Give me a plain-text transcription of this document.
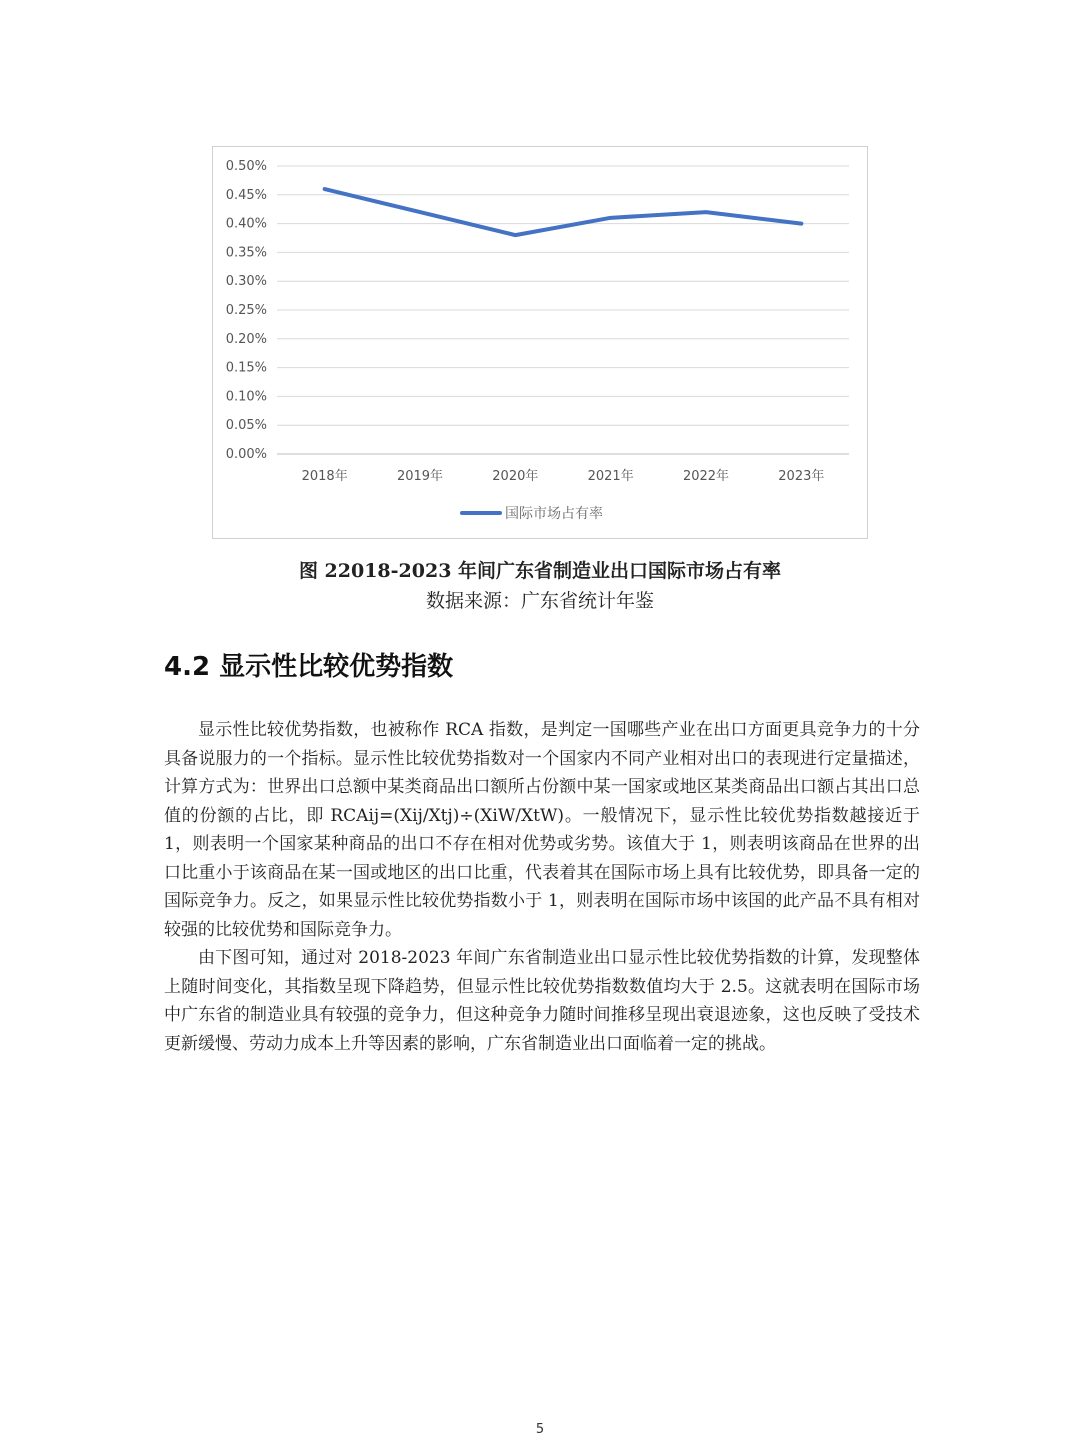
0.00%
0.05%
0.10%
0.15%
0.20%
0.25%
0.30%
0.35%
0.40%
0.45%
0.50%
2018年	2019年	2020年	2021年	2022年	2023年
国际市场占有率

图 22018-2023 年间广东省制造业出口国际市场占有率

数据来源：广东省统计年鉴

4.2 显示性比较优势指数

显示性比较优势指数，也被称作 RCA 指数，是判定一国哪些产业在出口方面更具竞争力的十分具备说服力的一个指标。显示性比较优势指数对一个国家内不同产业相对出口的表现进行定量描述，计算方式为：世界出口总额中某类商品出口额所占份额中某一国家或地区某类商品出口额占其出口总值的份额的占比，即 RCAij=(Xij/Xtj)÷(XiW/XtW)。一般情况下，显示性比较优势指数越接近于 1，则表明一个国家某种商品的出口不存在相对优势或劣势。该值大于 1，则表明该商品在世界的出口比重小于该商品在某一国或地区的出口比重，代表着其在国际市场上具有比较优势，即具备一定的国际竞争力。反之，如果显示性比较优势指数小于 1，则表明在国际市场中该国的此产品不具有相对较强的比较优势和国际竞争力。

由下图可知，通过对 2018-2023 年间广东省制造业出口显示性比较优势指数的计算，发现整体上随时间变化，其指数呈现下降趋势，但显示性比较优势指数数值均大于 2.5。这就表明在国际市场中广东省的制造业具有较强的竞争力，但这种竞争力随时间推移呈现出衰退迹象，这也反映了受技术更新缓慢、劳动力成本上升等因素的影响，广东省制造业出口面临着一定的挑战。

5
